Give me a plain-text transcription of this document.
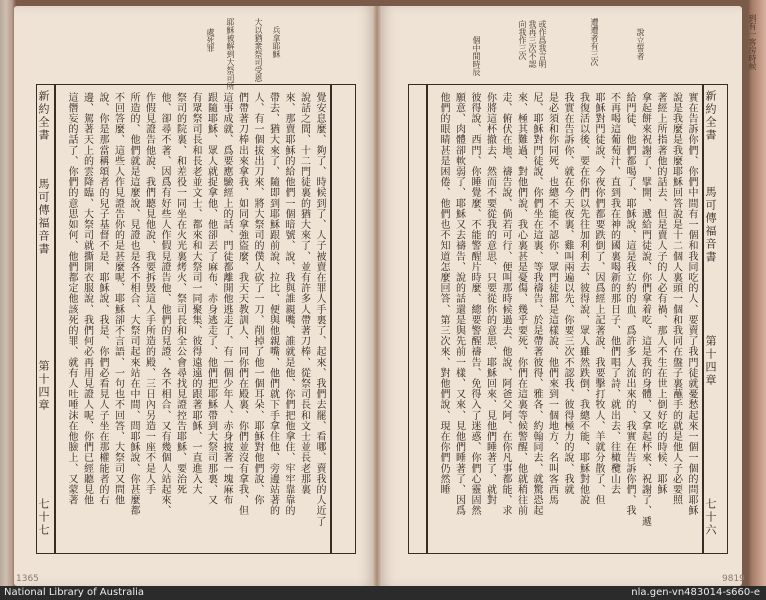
新約全書
馬可傳福音書
第十四章
七十六
新約全書
馬可傳福音書
第十四章
七十七
實在告訴你們、你們中間有一個和我同吃的人、要賣了我門徒就憂愁起來一個一個的問耶穌
說是我麼是我麼耶穌回答說是十二個人裏頭一個和我同在盤子裏蘸手的就是他人子必要照
著經上所指著他的話去、但是賣人子的人必有禍、那人不生在世上倒好吃的時候、耶穌
拿起餅來祝謝了、擘開、遞給門徒說、你們拿着吃、這是我的身體、又拿起杯來、祝謝了、遞
給門徒、他們都喝了、耶穌說、這是我立約的血、爲許多人流出來的、我實在告訴你們、我
不再喝這葡萄汁、直到我在神的國裏喝新的那日子、他們唱了詩、就出去、往橄欖山去
耶穌對門徒說、今夜你們都要跌倒了、因爲經上記著說、我要擊打牧人、羊就分散了、但
我復活以後、要在你們以先往加利利去、彼得說、眾人雖然跌倒、我總不能、耶穌對他說
我實在告訴你、就在今天夜裏、雞叫兩遍以先、你要三次不認我、彼得極力的說、我就
是必須和你同死、也總不能不認你、眾門徒都是這樣說、他們來到一個地方、名叫客西馬
尼、耶穌對門徒說、你們坐在這裏、等我禱告、於是帶著彼得、雅各、約翰同去、就驚恐起
來、極其難過、對他們說、我心裏甚是憂傷、幾乎要死、你們在這裏等候警醒、他就稍往前
走、俯伏在地、禱告說、倘若可行、便叫那時候過去、他說、阿爸父阿、在你凡事都能、求
你將這杯撤去、然而不要從我的意思、只要從你的意思、耶穌回來、見他們睡著了、就對
彼得說、西門、你睡覺麼、不能警醒片時麼、總要警醒禱告、免得入了迷惑、你們心靈固然
願意、肉體卻軟弱了、耶穌又去禱告、說的話還是與先前一樣、又來、見他們睡著了、因爲
他們的眼睛甚是困倦、他們也不知道怎麼回答、第三次來、對他們說、現在你們仍然睡
覺安息麼、夠了、時候到了、人子被賣在罪人手裏了、起來、我們去罷、看哪、賣我的人近了
說話之間、十二門徒裏的猶大來了、並有許多人帶著刀棒、從祭司長和文士並長老那裏
來、那賣耶穌的給他們一個暗號、說、我與誰親嘴、誰就是他、你們把他拿住、牢牢靠靠的
帶去、猶大來了、隨即到耶穌跟前說、拉比、便與他親嘴、他們就下手拿住他、旁邊站著的
人、有一個拔出刀來、將大祭司的僕人砍了一刀、削掉了他一個耳朵、耶穌對他們說、你
們帶著刀棒出來拿我、如同拿強盜麼、我天天教訓人、同你們在殿裏、你們並沒有拿我、但
這事成就、爲要應驗經上的話、門徒都離開他逃走了、有一個少年人、赤身披著一塊麻布
跟隨耶穌、眾人就捉拿他、他卻丟了麻布、赤身逃走了、他們把耶穌帶到大祭司那裏、又
有眾祭司長和長老並文士、都來和大祭司一同聚集、彼得遠遠的跟著耶穌、一直進入大
祭司的院裏、和差役一同坐在火光裏烤火、祭司長和全公會尋找見證控告耶穌、要治死
他、卻尋不著、因爲有好些人作假見證告他、他們的見證、各不相合、又有幾個人站起來、
作假見證告他說、我們聽見他說、我要拆毀這人手所造的殿、三日內另造一座不是人手
所造的、他們就是這麼說、見證也是各不相合、大祭司起來站在中間、問耶穌說、你甚麼都
不回答麼、這些人作見證告你的是甚麼呢、耶穌卻不言語、一句也不回答、大祭司又問他
說、你是那當稱頌者的兒子基督不是、耶穌說、我是、你們必看見人子坐在那權能者的右
邊、駕著天上的雲降臨、大祭司就撕開衣服說、我們何必再用見證人呢、你們已經聽見他
這僭妄的話了、你們的意思如何、他們都定他該死的罪、就有人吐唾沫在他臉上、又蒙著
到有一客房時候
或作爲我言明
我再三次不認
向我作三次	遭遭者有三次	說立誓者
個中間時辰
兵拿耶穌
大以猶衆祭司受恩
耶穌被解到大祭司所
處死罪
1365	9819
National Library of Australia	nla.gen-vn483014-s660-e
